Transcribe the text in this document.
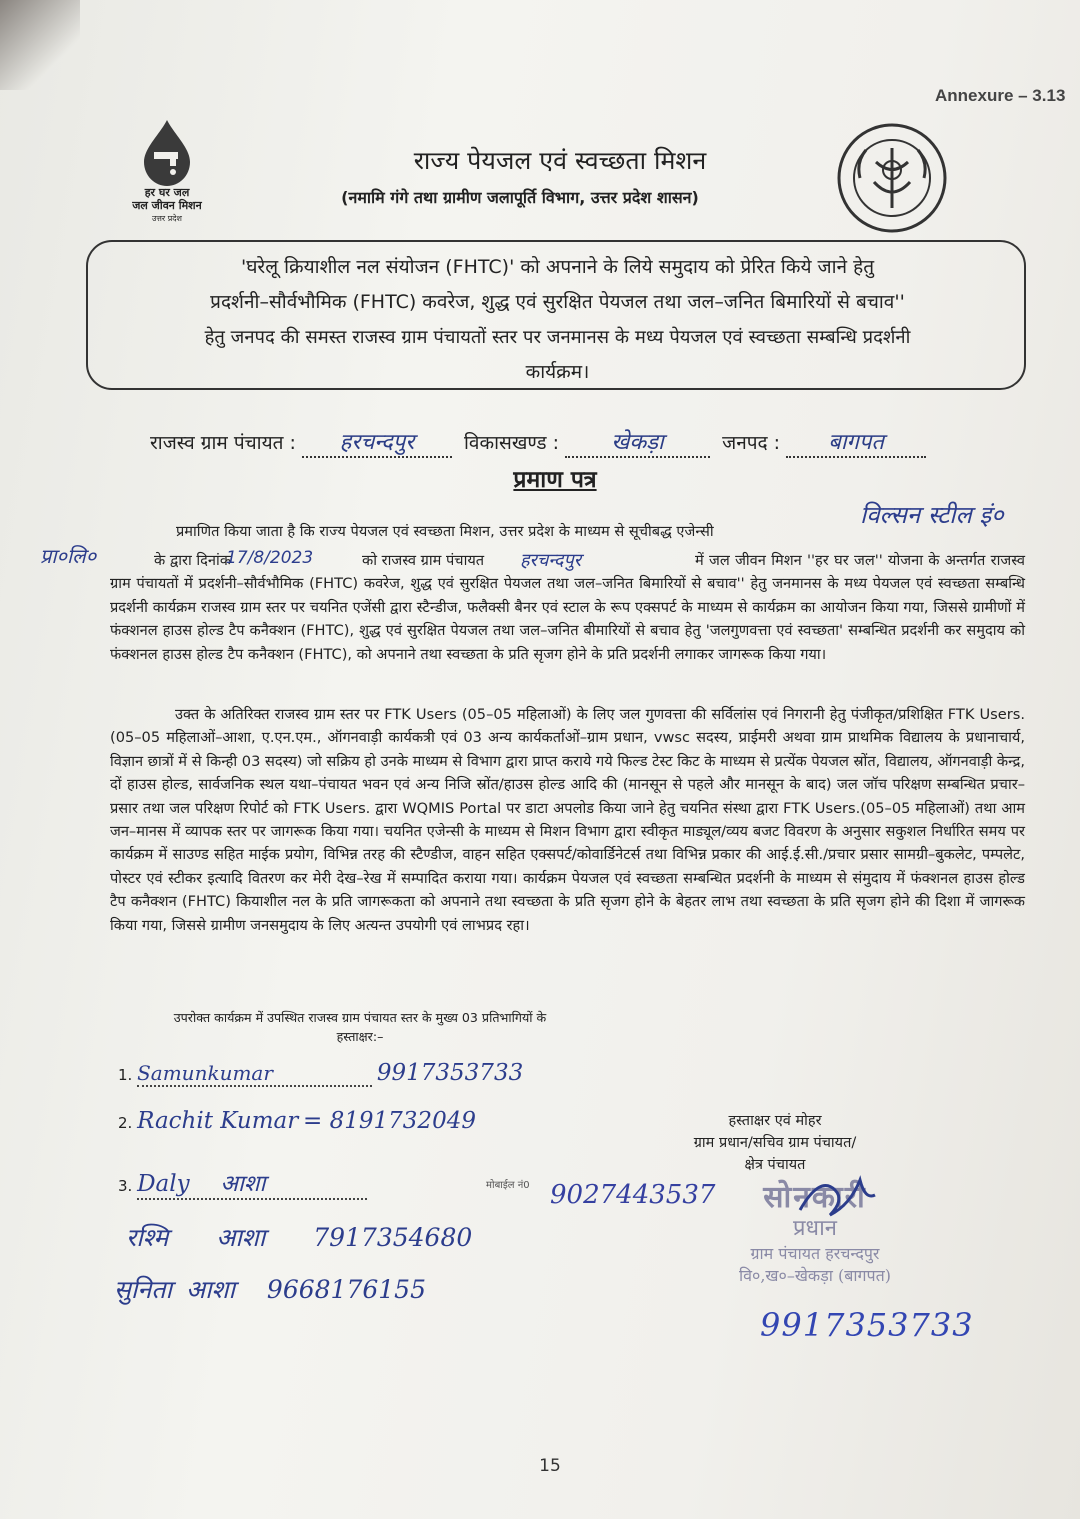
Annexure – 3.13
हर घर जल
जल जीवन मिशन
उत्तर प्रदेश
राज्य पेयजल एवं स्वच्छता मिशन
(नमामि गंगे तथा ग्रामीण जलापूर्ति विभाग, उत्तर प्रदेश शासन)
'घरेलू क्रियाशील नल संयोजन (FHTC)' को अपनाने के लिये समुदाय को प्रेरित किये जाने हेतु
प्रदर्शनी–सौर्वभौमिक (FHTC) कवरेज, शुद्ध एवं सुरक्षित पेयजल तथा जल–जनित बिमारियों से बचाव''
हेतु जनपद की समस्त राजस्व ग्राम पंचायतों स्तर पर जनमानस के मध्य पेयजल एवं स्वच्छता सम्बन्धि प्रदर्शनी
कार्यक्रम।
राजस्व ग्राम पंचायत : हरचन्दपुर	विकासखण्ड : खेकड़ा	जनपद : बागपत
प्रमाण पत्र
प्रमाणित किया जाता है कि राज्य पेयजल एवं स्वच्छता मिशन, उत्तर प्रदेश के माध्यम से सूचीबद्ध एजेन्सी
विल्सन स्टील इं०
प्रा०लि०	के द्वारा दिनांक
17/8/2023	को राजस्व ग्राम पंचायत	हरचन्दपुर	में जल जीवन मिशन ''हर घर जल'' योजना के अन्तर्गत राजस्व ग्राम पंचायतों में प्रदर्शनी–सौर्वभौमिक (FHTC) कवरेज, शुद्ध एवं सुरक्षित पेयजल तथा जल–जनित बिमारियों से बचाव'' हेतु जनमानस के मध्य पेयजल एवं स्वच्छता सम्बन्धि प्रदर्शनी कार्यक्रम राजस्व ग्राम स्तर पर चयनित एजेंसी द्वारा स्टैन्डीज, फलैक्सी बैनर एवं स्टाल के रूप एक्सपर्ट के माध्यम से कार्यक्रम का आयोजन किया गया, जिससे ग्रामीणों में फंक्शनल हाउस होल्ड टैप कनैक्शन (FHTC), शुद्ध एवं सुरक्षित पेयजल तथा जल–जनित बीमारियों से बचाव हेतु 'जलगुणवत्ता एवं स्वच्छता' सम्बन्धित प्रदर्शनी कर समुदाय को फंक्शनल हाउस होल्ड टैप कनैक्शन (FHTC), को अपनाने तथा स्वच्छता के प्रति सृजग होने के प्रति प्रदर्शनी लगाकर जागरूक किया गया।
उक्त के अतिरिक्त राजस्व ग्राम स्तर पर FTK Users (05–05 महिलाओं) के लिए जल गुणवत्ता की सर्विलांस एवं निगरानी हेतु पंजीकृत/प्रशिक्षित FTK Users.(05–05 महिलाओं–आशा, ए.एन.एम., ऑगनवाड़ी कार्यकत्री एवं 03 अन्य कार्यकर्ताओं–ग्राम प्रधान, vwsc सदस्य, प्राईमरी अथवा ग्राम प्राथमिक विद्यालय के प्रधानाचार्य, विज्ञान छात्रों में से किन्ही 03 सदस्य) जो सक्रिय हो उनके माध्यम से विभाग द्वारा प्राप्त कराये गये फिल्ड टेस्ट किट के माध्यम से प्रत्येंक पेयजल स्रोंत, विद्यालय, ऑगनवाड़ी केन्द्र, दों हाउस होल्ड, सार्वजनिक स्थल यथा–पंचायत भवन एवं अन्य निजि स्रोंत/हाउस होल्ड आदि की (मानसून से पहले और मानसून के बाद) जल जॉच परिक्षण सम्बन्धित प्रचार–प्रसार तथा जल परिक्षण रिपोर्ट को FTK Users. द्वारा WQMIS Portal पर डाटा अपलोड किया जाने हेतु चयनित संस्था द्वारा FTK Users.(05–05 महिलाओं) तथा आम जन–मानस में व्यापक स्तर पर जागरूक किया गया। चयनित एजेन्सी के माध्यम से मिशन विभाग द्वारा स्वीकृत माड्यूल/व्यय बजट विवरण के अनुसार सकुशल निर्धारित समय पर कार्यक्रम में साउण्ड सहित माईक प्रयोग, विभिन्न तरह की स्टैण्डीज, वाहन सहित एक्सपर्ट/कोवार्डिनेटर्स तथा विभिन्न प्रकार की आई.ई.सी./प्रचार प्रसार सामग्री–बुकलेट, पम्पलेट, पोस्टर एवं स्टीकर इत्यादि वितरण कर मेरी देख–रेख में सम्पादित कराया गया। कार्यक्रम पेयजल एवं स्वच्छता सम्बन्धित प्रदर्शनी के माध्यम से संमुदाय में फंक्शनल हाउस होल्ड टैप कनैक्शन (FHTC) कियाशील नल के प्रति जागरूकता को अपनाने तथा स्वच्छता के प्रति सृजग होने के बेहतर लाभ तथा स्वच्छता के प्रति सृजग होने की दिशा में जागरूक किया गया, जिससे ग्रामीण जनसमुदाय के लिए अत्यन्त उपयोगी एवं लाभप्रद रहा।
उपरोक्त कार्यक्रम में उपस्थित राजस्व ग्राम पंचायत स्तर के मुख्य 03 प्रतिभागियों के
हस्ताक्षर:–
1. Samunkumar	9917353733
2. Rachit Kumar = 8191732049
3. Daly आशा	मोबाईल नं0 9027443537
रश्मि आशा 7917354680
सुनिता आशा 9668176155
हस्ताक्षर एवं मोहर
ग्राम प्रधान/सचिव ग्राम पंचायत/
क्षेत्र पंचायत
सोनकारी
प्रधान
ग्राम पंचायत हरचन्दपुर
वि०,ख०–खेकड़ा (बागपत)
9917353733
15
